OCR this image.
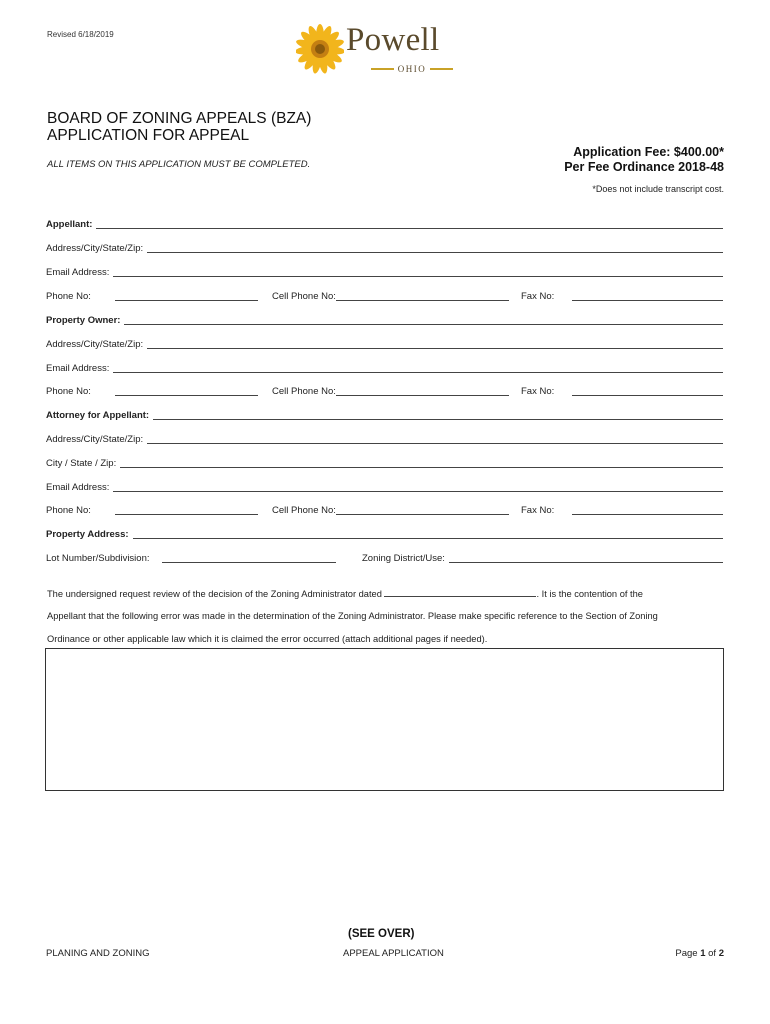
Revised 6/18/2019	Powell
OHIO
BOARD OF ZONING APPEALS (BZA)
APPLICATION FOR APPEAL
ALL ITEMS ON THIS APPLICATION MUST BE COMPLETED.
Application Fee: $400.00*
Per Fee Ordinance 2018-48
*Does not include transcript cost.
Appellant:
Address/City/State/Zip:
Email Address:
Phone No:	Cell Phone No:	Fax No:
Property Owner:
Address/City/State/Zip:
Email Address:
Phone No:	Cell Phone No:	Fax No:
Attorney for Appellant:
Address/City/State/Zip:
City / State / Zip:
Email Address:
Phone No:	Cell Phone No:	Fax No:
Property Address:
Lot Number/Subdivision:	Zoning District/Use:
The undersigned request review of the decision of the Zoning Administrator dated	. It is the contention of the
Appellant that the following error was made in the determination of the Zoning Administrator. Please make specific reference to the Section of Zoning
Ordinance or other applicable law which it is claimed the error occurred (attach additional pages if needed).
(SEE OVER)
PLANING AND ZONING	APPEAL APPLICATION	Page 1 of 2
